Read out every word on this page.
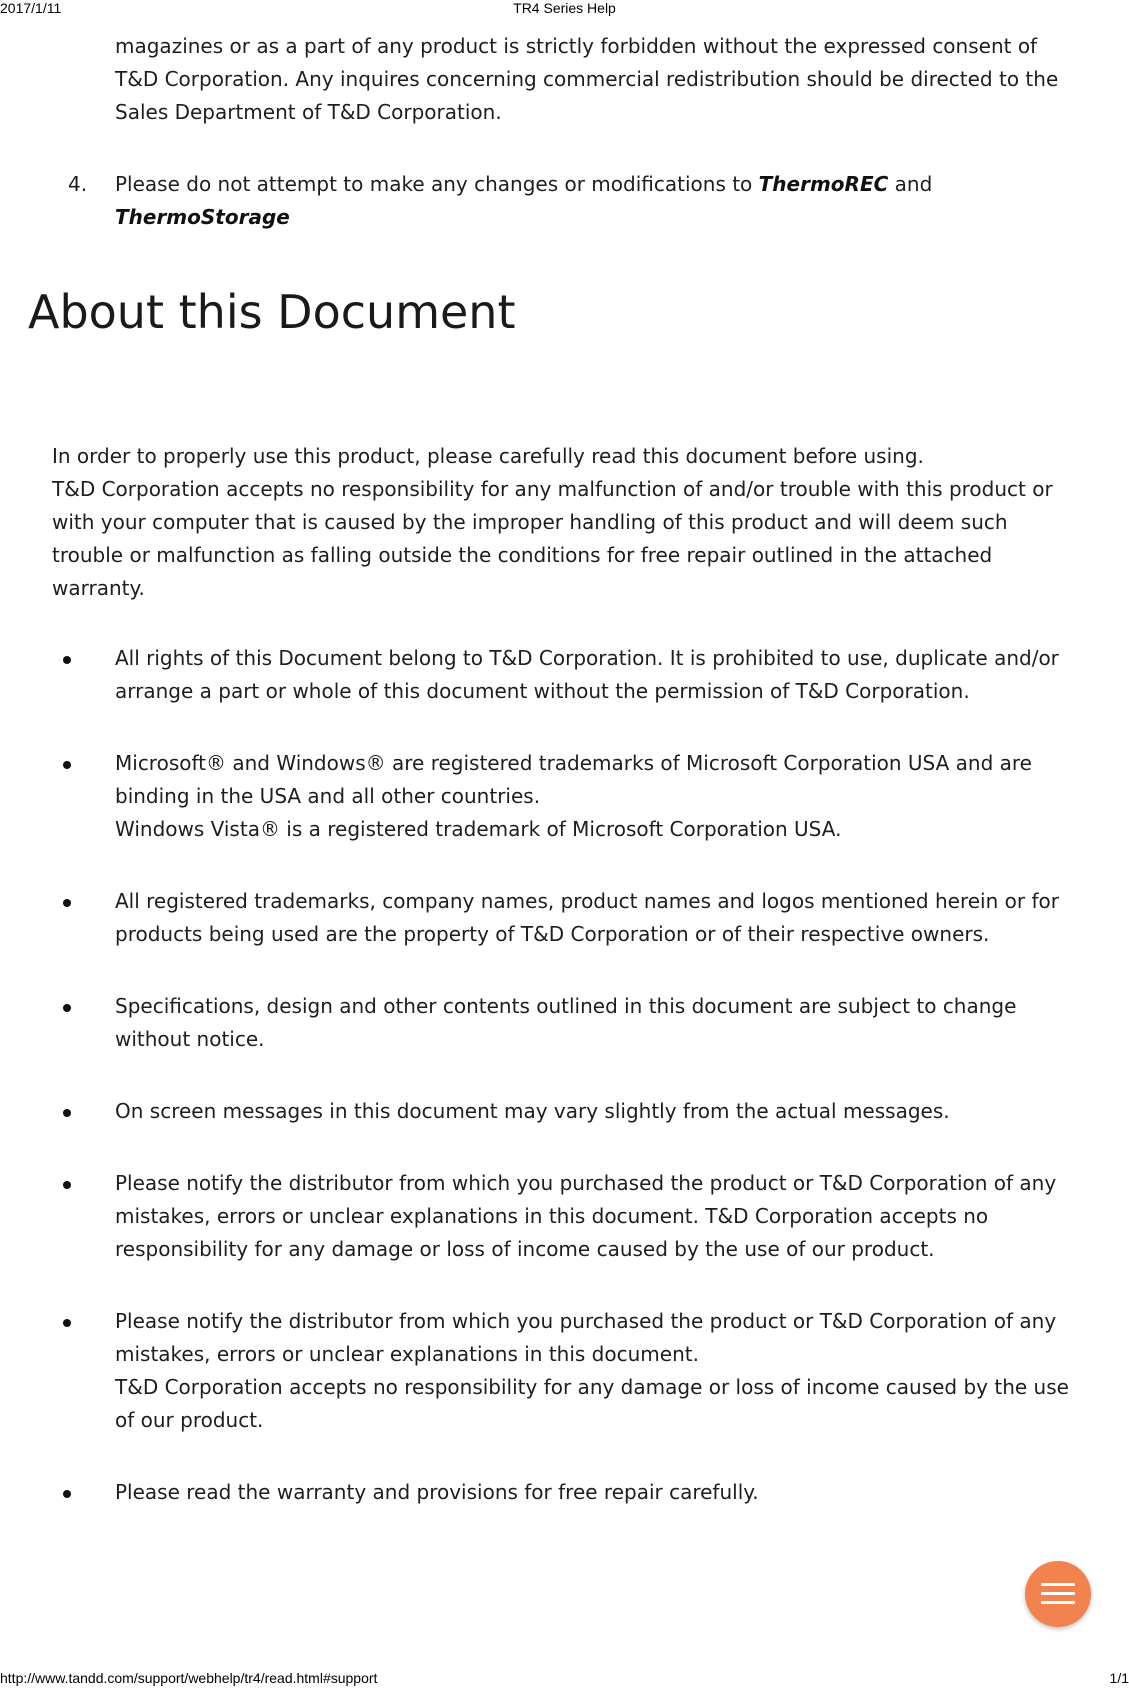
2017/1/11	TR4 Series Help

magazines or as a part of any product is strictly forbidden without the expressed consent of T&D Corporation. Any inquires concerning commercial redistribution should be directed to the Sales Department of T&D Corporation.

4. Please do not attempt to make any changes or modifications to ThermoREC and
ThermoStorage
About this Document
In order to properly use this product, please carefully read this document before using.
T&D Corporation accepts no responsibility for any malfunction of and/or trouble with this product or with your computer that is caused by the improper handling of this product and will deem such trouble or malfunction as falling outside the conditions for free repair outlined in the attached warranty.
All rights of this Document belong to T&D Corporation. It is prohibited to use, duplicate and/or arrange a part or whole of this document without the permission of T&D Corporation.
Microsoft® and Windows® are registered trademarks of Microsoft Corporation USA and are binding in the USA and all other countries.
Windows Vista® is a registered trademark of Microsoft Corporation USA.
All registered trademarks, company names, product names and logos mentioned herein or for products being used are the property of T&D Corporation or of their respective owners.
Specifications, design and other contents outlined in this document are subject to change without notice.
On screen messages in this document may vary slightly from the actual messages.
Please notify the distributor from which you purchased the product or T&D Corporation of any mistakes, errors or unclear explanations in this document. T&D Corporation accepts no responsibility for any damage or loss of income caused by the use of our product.
Please notify the distributor from which you purchased the product or T&D Corporation of any mistakes, errors or unclear explanations in this document.
T&D Corporation accepts no responsibility for any damage or loss of income caused by the use of our product.
Please read the warranty and provisions for free repair carefully.
http://www.tandd.com/support/webhelp/tr4/read.html#support	1/1
